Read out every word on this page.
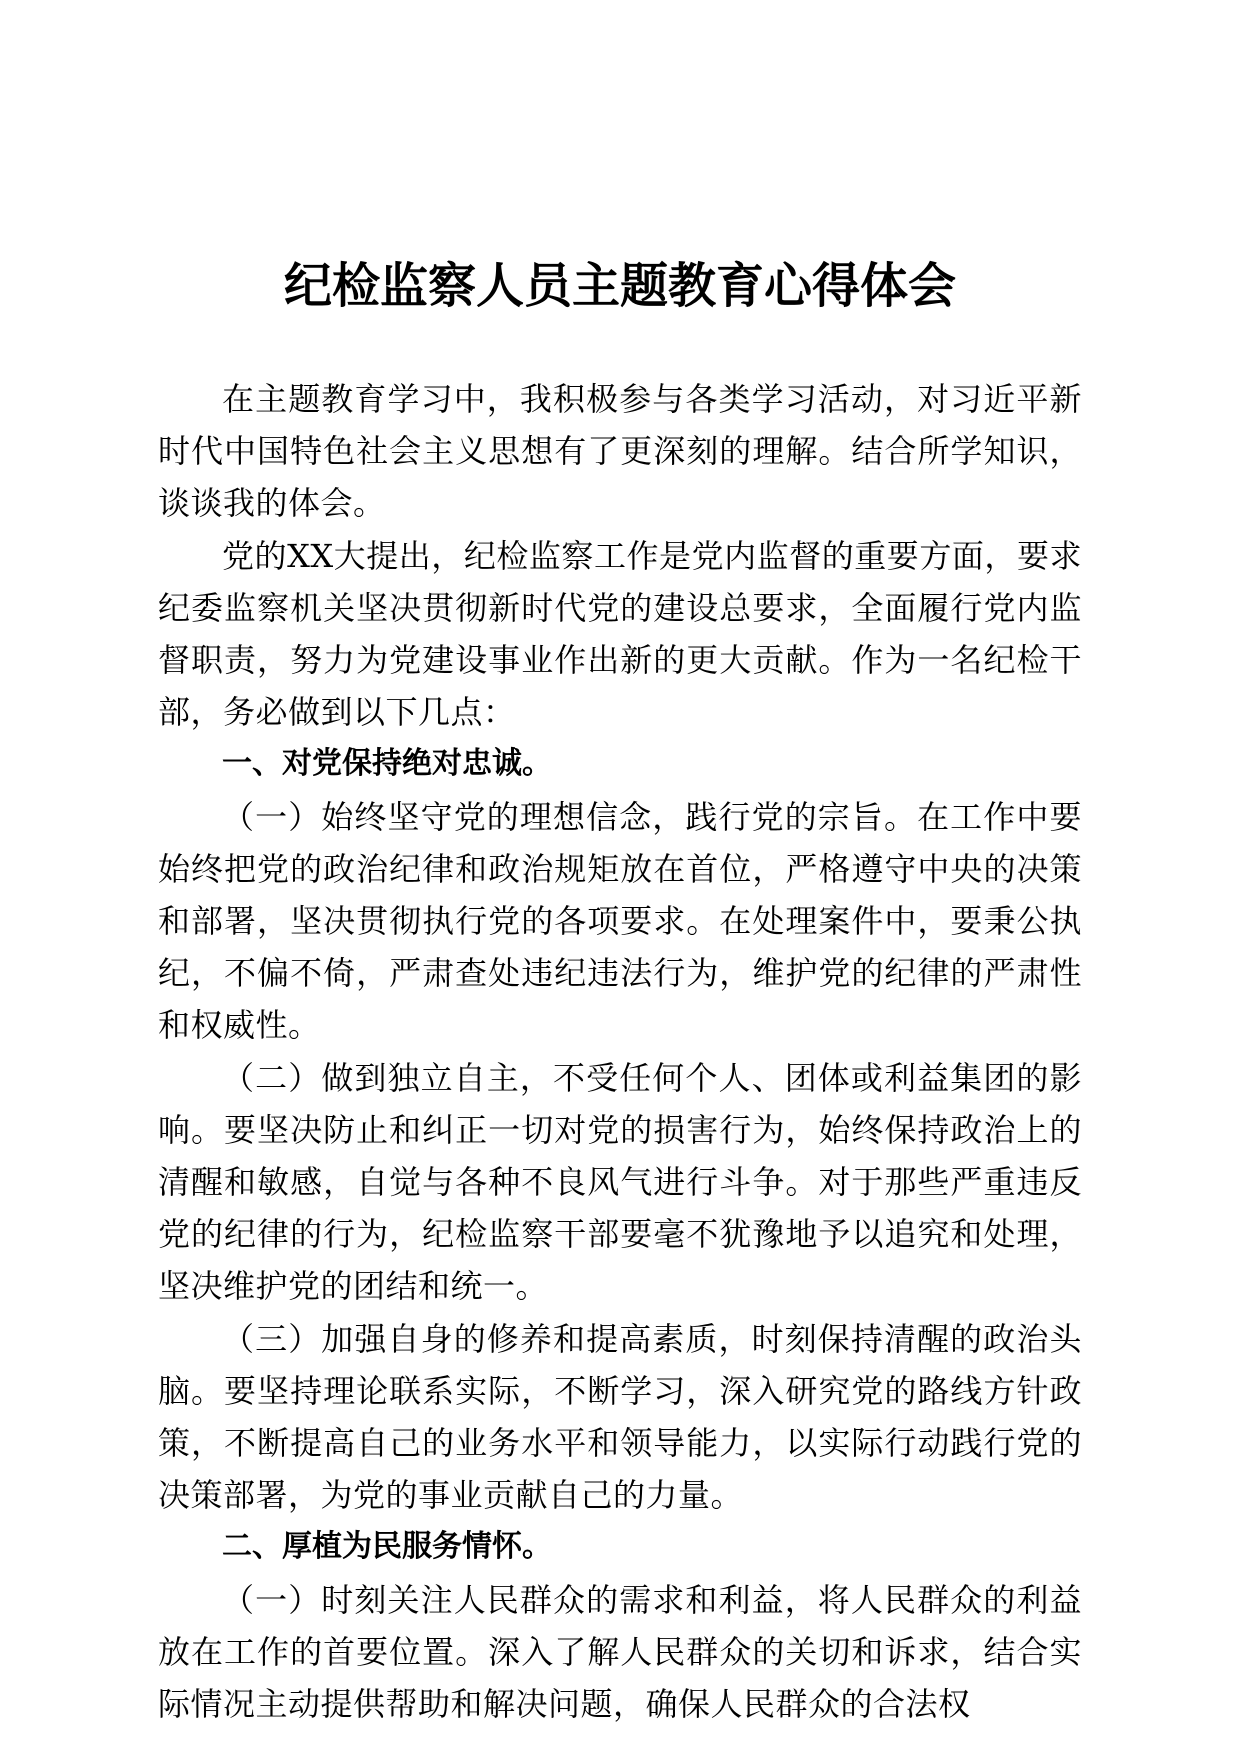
纪检监察人员主题教育心得体会

在主题教育学习中，我积极参与各类学习活动，对习近平新时代中国特色社会主义思想有了更深刻的理解。结合所学知识，谈谈我的体会。

党的XX大提出，纪检监察工作是党内监督的重要方面，要求纪委监察机关坚决贯彻新时代党的建设总要求，全面履行党内监督职责，努力为党建设事业作出新的更大贡献。作为一名纪检干部，务必做到以下几点：

一、对党保持绝对忠诚。

（一）始终坚守党的理想信念，践行党的宗旨。在工作中要始终把党的政治纪律和政治规矩放在首位，严格遵守中央的决策和部署，坚决贯彻执行党的各项要求。在处理案件中，要秉公执纪，不偏不倚，严肃查处违纪违法行为，维护党的纪律的严肃性和权威性。

（二）做到独立自主，不受任何个人、团体或利益集团的影响。要坚决防止和纠正一切对党的损害行为，始终保持政治上的清醒和敏感，自觉与各种不良风气进行斗争。对于那些严重违反党的纪律的行为，纪检监察干部要毫不犹豫地予以追究和处理，坚决维护党的团结和统一。

（三）加强自身的修养和提高素质，时刻保持清醒的政治头脑。要坚持理论联系实际，不断学习，深入研究党的路线方针政策，不断提高自己的业务水平和领导能力，以实际行动践行党的决策部署，为党的事业贡献自己的力量。

二、厚植为民服务情怀。

（一）时刻关注人民群众的需求和利益，将人民群众的利益放在工作的首要位置。深入了解人民群众的关切和诉求，结合实际情况主动提供帮助和解决问题，确保人民群众的合法权
